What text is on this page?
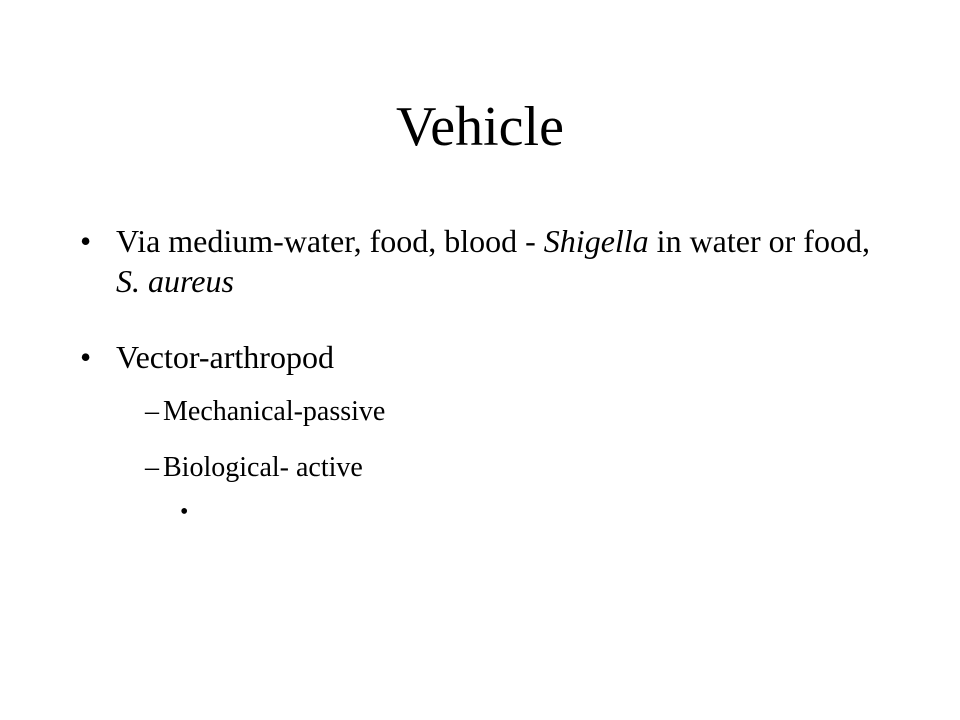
Vehicle
• Via medium-water, food, blood - Shigella in water or food, S. aureus
• Vector-arthropod
– Mechanical-passive
– Biological- active
•
